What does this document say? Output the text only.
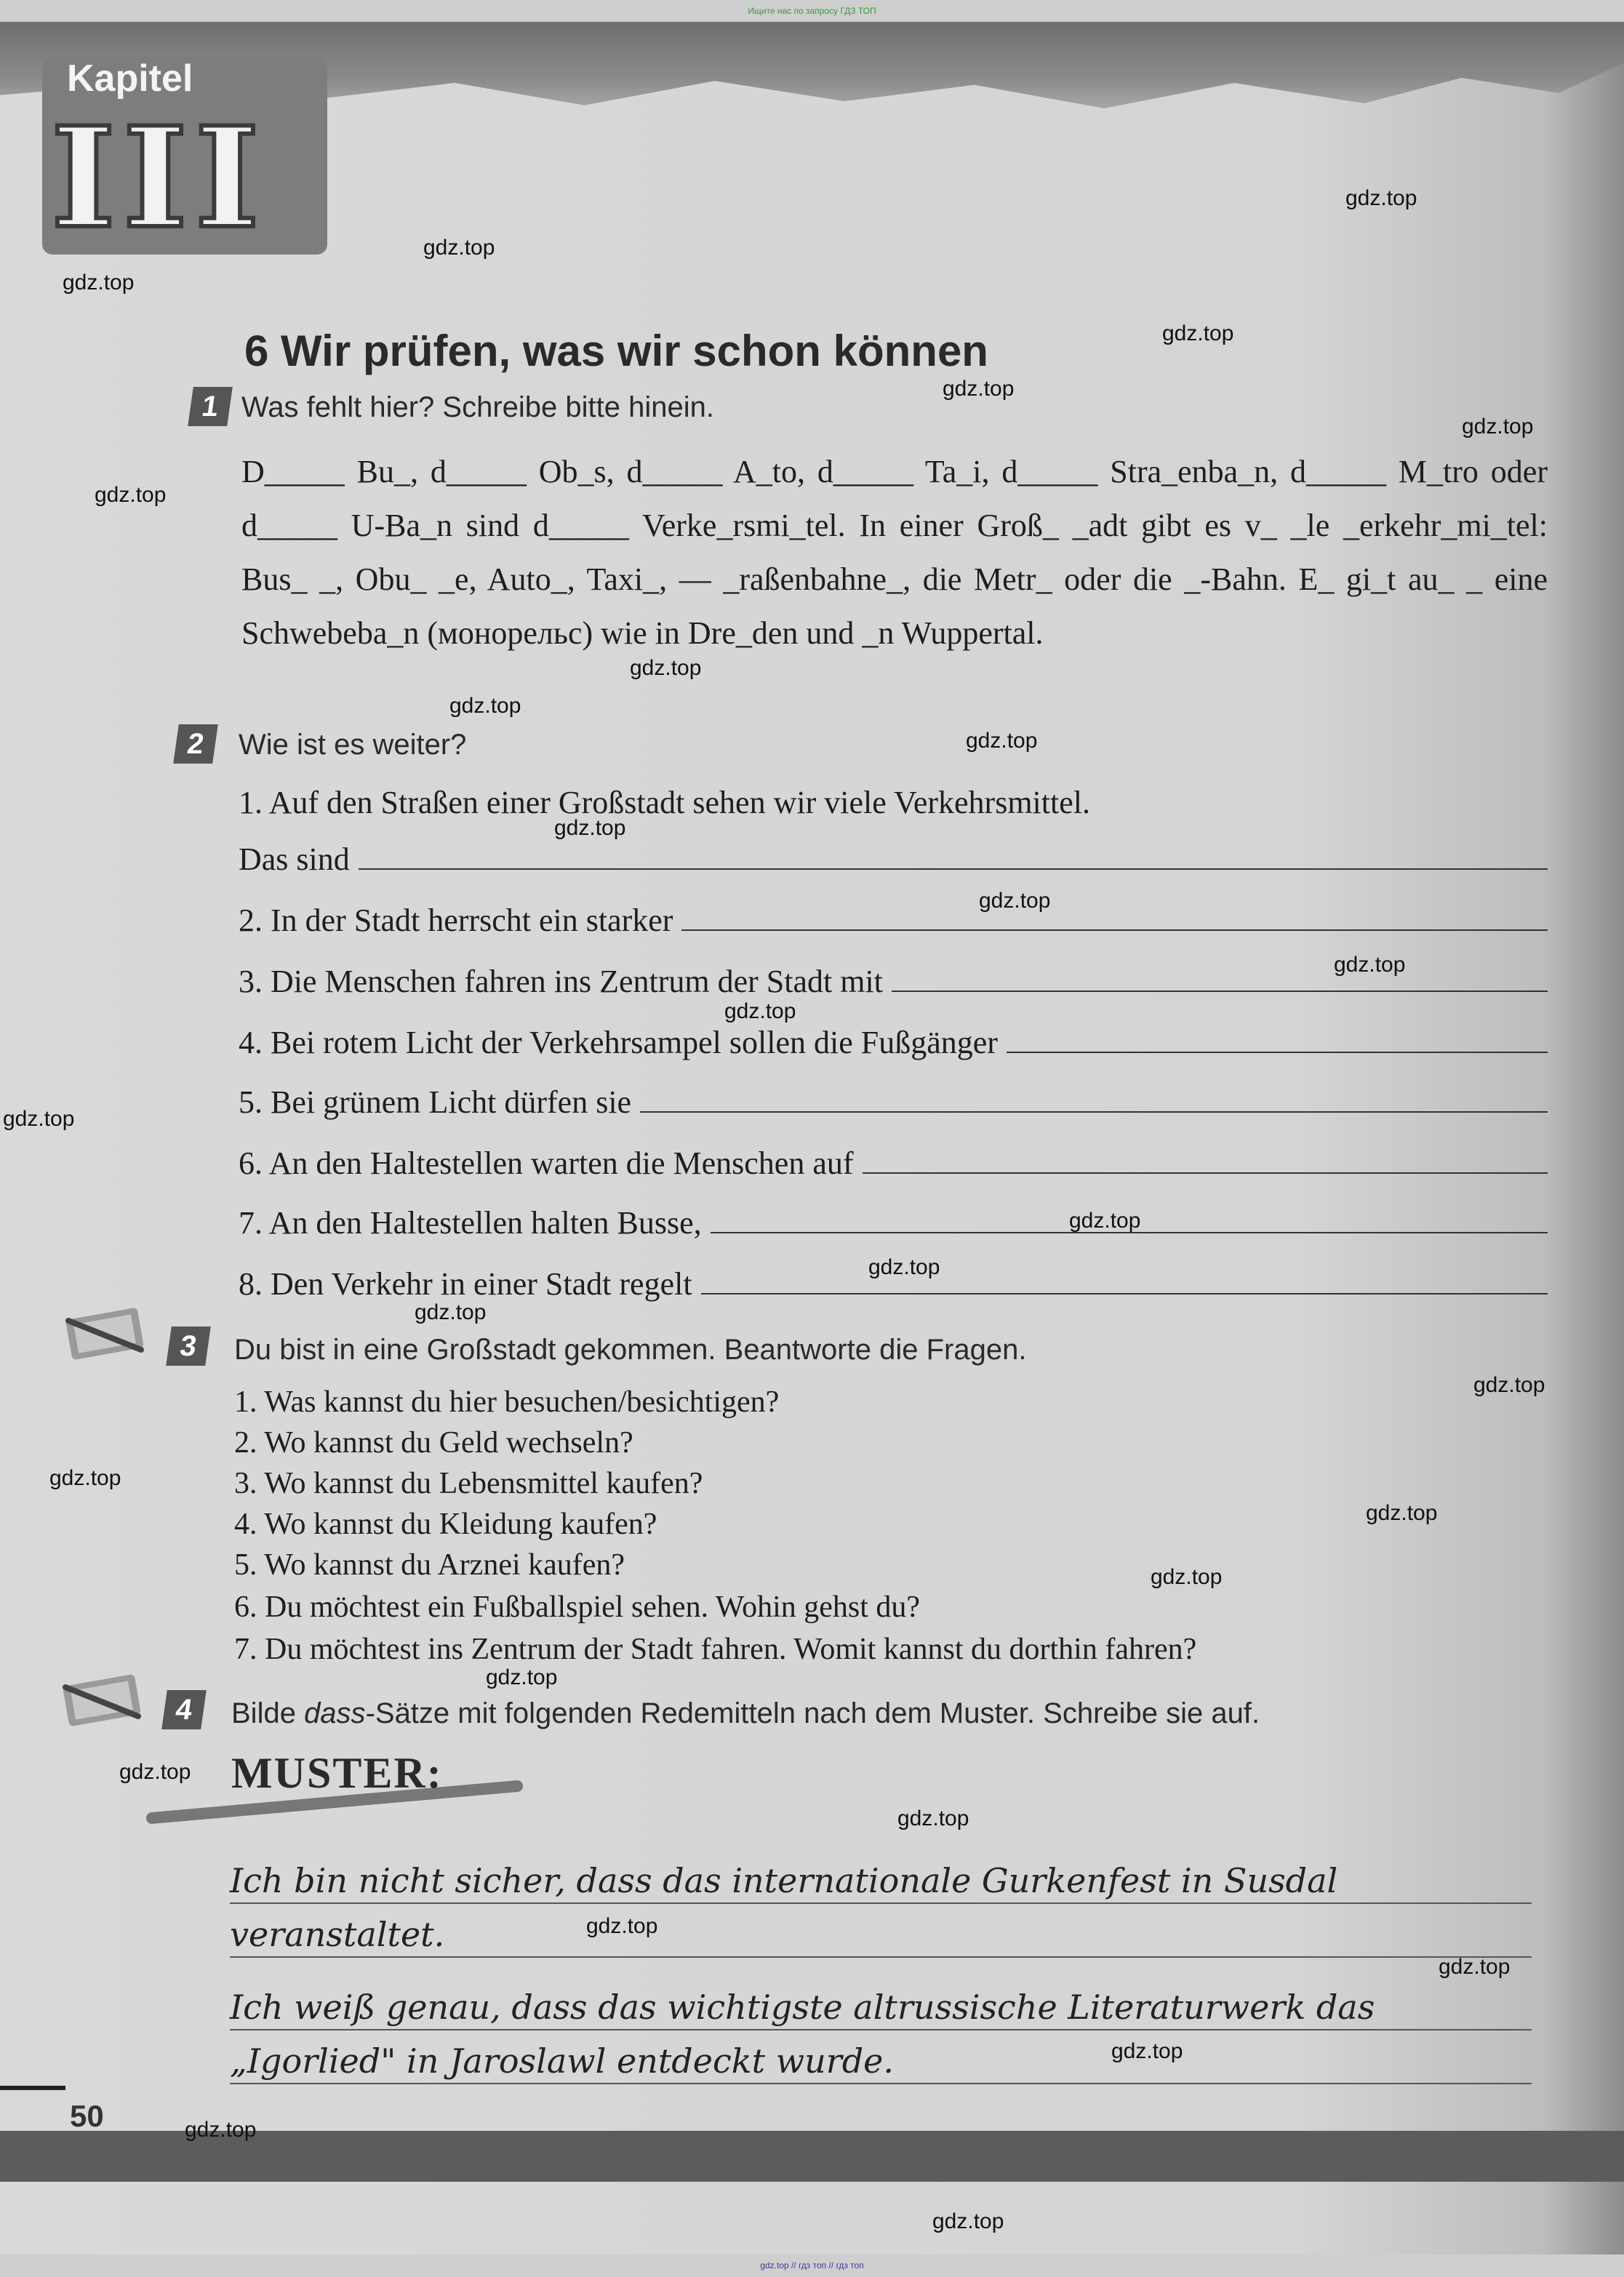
Ищите нас по запросу ГДЗ ТОП
gdz.top // гдз топ // гдз топ
Kapitel
III
6 Wir prüfen, was wir schon können
1 Was fehlt hier? Schreibe bitte hinein.

D_____ Bu_, d_____ Ob_s, d_____ A_to, d_____ Ta_i, d_____ Stra_enba_n, d_____ M_tro oder d_____ U-Ba_n sind d_____ Verke_rsmi_tel. In einer Groß_ _adt gibt es v_ _le _erkehr_mi_tel: Bus_ _, Obu_ _e, Auto_, Taxi_, — _raßenbahne_, die Metr_ oder die _-Bahn. E_ gi_t au_ _ eine Schwebeba_n (монорельс) wie in Dre_den und _n Wuppertal.

2	Wie ist es weiter?
1. Auf den Straßen einer Großstadt sehen wir viele Verkehrsmittel.
Das sind
2. In der Stadt herrscht ein starker
3. Die Menschen fahren ins Zentrum der Stadt mit
4. Bei rotem Licht der Verkehrsampel sollen die Fußgänger
5. Bei grünem Licht dürfen sie
6. An den Haltestellen warten die Menschen auf
7. An den Haltestellen halten Busse,
8. Den Verkehr in einer Stadt regelt
3	Du bist in eine Großstadt gekommen. Beantworte die Fragen.
1. Was kannst du hier besuchen/besichtigen?
2. Wo kannst du Geld wechseln?
3. Wo kannst du Lebensmittel kaufen?
4. Wo kannst du Kleidung kaufen?
5. Wo kannst du Arznei kaufen?
6. Du möchtest ein Fußballspiel sehen. Wohin gehst du?
7. Du möchtest ins Zentrum der Stadt fahren. Womit kannst du dorthin fahren?
4	Bilde dass-Sätze mit folgenden Redemitteln nach dem Muster. Schreibe sie auf.
MUSTER:
Ich bin nicht sicher, dass das internationale Gurkenfest in Susdal
veranstaltet.
Ich weiß genau, dass das wichtigste altrussische Literaturwerk das
„Igorlied" in Jaroslawl entdeckt wurde.
50
gdz.top
gdz.top
gdz.top
gdz.top
gdz.top
gdz.top
gdz.top
gdz.top
gdz.top
gdz.top
gdz.top
gdz.top
gdz.top
gdz.top
gdz.top
gdz.top
gdz.top
gdz.top
gdz.top
gdz.top
gdz.top
gdz.top
gdz.top
gdz.top
gdz.top
gdz.top
gdz.top
gdz.top
gdz.top
gdz.top
